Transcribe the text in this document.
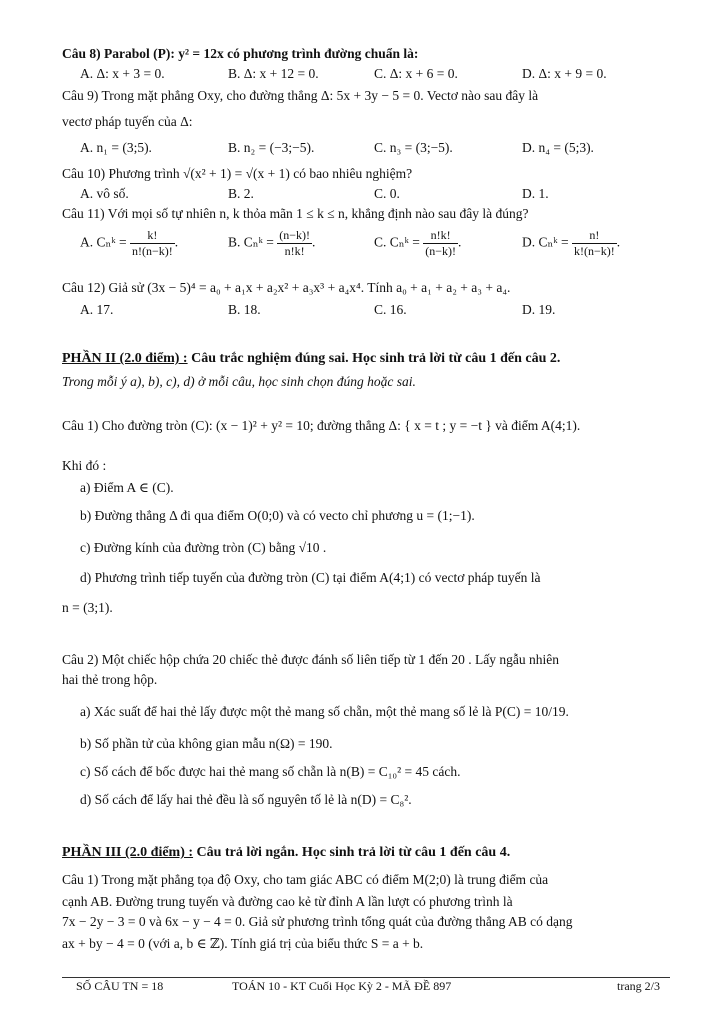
Câu 8) Parabol (P): y² = 12x có phương trình đường chuẩn là:
A. Δ: x + 3 = 0.	B. Δ: x + 12 = 0.	C. Δ: x + 6 = 0.	D. Δ: x + 9 = 0.
Câu 9) Trong mặt phẳng Oxy, cho đường thẳng Δ: 5x + 3y − 5 = 0. Vectơ nào sau đây là
vectơ pháp tuyến của Δ:
A. n₁ = (3;5).	B. n₂ = (−3;−5).	C. n₃ = (3;−5).	D. n₄ = (5;3).
Câu 10) Phương trình √(x² + 1) = √(x + 1) có bao nhiêu nghiệm?
A. vô số.	B. 2.	C. 0.	D. 1.
Câu 11) Với mọi số tự nhiên n, k thỏa mãn 1 ≤ k ≤ n, khẳng định nào sau đây là đúng?
A. Cₙᵏ = $\frac{k!}{n!(n-k)!}$ .	B. Cₙᵏ = $\frac{(n-k)!}{n!k!}$ .	C. Cₙᵏ = $\frac{n!k!}{(n-k)!}$ .	D. Cₙᵏ = $\frac{n!}{k!(n-k)!}$ .
Câu 12) Giả sử (3x − 5)⁴ = a₀ + a₁x + a₂x² + a₃x³ + a₄x⁴. Tính a₀ + a₁ + a₂ + a₃ + a₄.
A. 17.	B. 18.	C. 16.	D. 19.
PHẦN II (2.0 điểm) : Câu trắc nghiệm đúng sai. Học sinh trả lời từ câu 1 đến câu 2.
Trong mỗi ý a), b), c), d) ở mỗi câu, học sinh chọn đúng hoặc sai.
Câu 1) Cho đường tròn (C): (x − 1)² + y² = 10; đường thẳng Δ: { x = t ; y = −t } và điểm A(4;1).
Khi đó :
a) Điểm A ∈ (C).
b) Đường thẳng Δ đi qua điểm O(0;0) và có vecto chỉ phương u = (1;−1).
c) Đường kính của đường tròn (C) bằng √10 .
d) Phương trình tiếp tuyến của đường tròn (C) tại điểm A(4;1) có vectơ pháp tuyến là
n = (3;1).
Câu 2) Một chiếc hộp chứa 20 chiếc thẻ được đánh số liên tiếp từ 1 đến 20 . Lấy ngẫu nhiên
hai thẻ trong hộp.
a) Xác suất để hai thẻ lấy được một thẻ mang số chẵn, một thẻ mang số lẻ là P(C) = 10/19.
b) Số phần tử của không gian mẫu n(Ω) = 190.
c) Số cách để bốc được hai thẻ mang số chẵn là n(B) = C₁₀² = 45 cách.
d) Số cách để lấy hai thẻ đều là số nguyên tố lẻ là n(D) = C₈².
PHẦN III (2.0 điểm) : Câu trả lời ngắn. Học sinh trả lời từ câu 1 đến câu 4.
Câu 1) Trong mặt phẳng tọa độ Oxy, cho tam giác ABC có điểm M(2;0) là trung điểm của
cạnh AB. Đường trung tuyến và đường cao kẻ từ đỉnh A lần lượt có phương trình là
7x − 2y − 3 = 0 và 6x − y − 4 = 0. Giả sử phương trình tổng quát của đường thẳng AB có dạng
ax + by − 4 = 0 (với a, b ∈ ℤ). Tính giá trị của biểu thức S = a + b.
SỐ CÂU TN = 18	TOÁN 10 - KT Cuối Học Kỳ 2 - MÃ ĐỀ 897	trang 2/3
